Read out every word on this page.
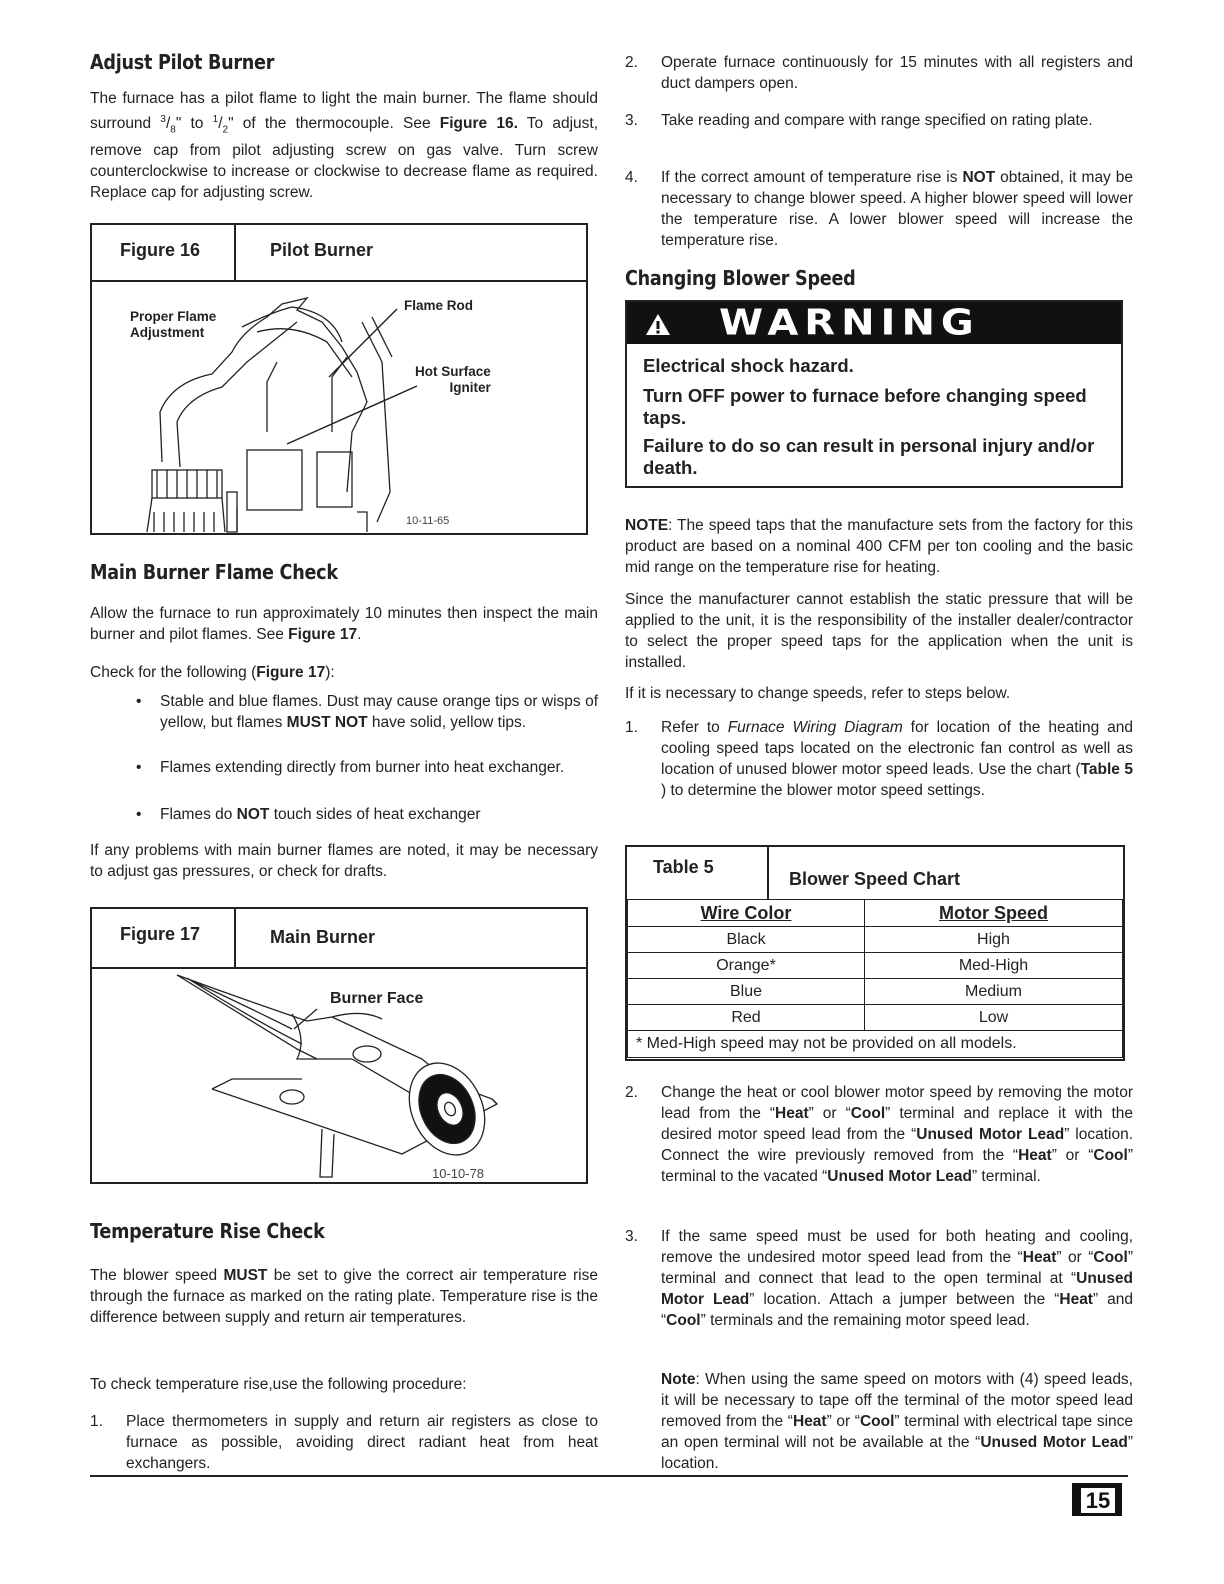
Adjust Pilot Burner

The furnace has a pilot flame to light the main burner. The flame should surround $^3/_8$" to $^1/_2$" of the thermocouple. See Figure 16. To adjust, remove cap from pilot adjusting screw on gas valve. Turn screw counterclockwise to increase or clockwise to decrease flame as required. Replace cap for adjusting screw.

Figure 16	Pilot Burner
Proper Flame
Adjustment
Flame Rod
Hot Surface
Igniter
10-11-65
Main Burner Flame Check

Allow the furnace to run approximately 10 minutes then inspect the main burner and pilot flames. See Figure 17.

Check for the following (Figure 17):

• Stable and blue flames. Dust may cause orange tips or wisps of yellow, but flames MUST NOT have solid, yellow tips.
• Flames extending directly from burner into heat exchanger.
• Flames do NOT touch sides of heat exchanger

If any problems with main burner flames are noted, it may be necessary to adjust gas pressures, or check for drafts.

Figure 17	Main Burner
Burner Face
10-10-78
Temperature Rise Check

The blower speed MUST be set to give the correct air temperature rise through the furnace as marked on the rating plate. Temperature rise is the difference between supply and return air temperatures.

To check temperature rise,use the following procedure:

1. Place thermometers in supply and return air registers as close to furnace as possible, avoiding direct radiant heat from heat exchangers.
15
2. Operate furnace continuously for 15 minutes with all registers and duct dampers open.
3. Take reading and compare with range specified on rating plate.
4. If the correct amount of temperature rise is NOT obtained, it may be necessary to change blower speed. A higher blower speed will lower the temperature rise. A lower blower speed will increase the temperature rise.
Changing Blower Speed
WARNING
Electrical shock hazard.
Turn OFF power to furnace before changing speed taps.
Failure to do so can result in personal injury and/or death.

NOTE: The speed taps that the manufacture sets from the factory for this product are based on a nominal 400 CFM per ton cooling and the basic mid range on the temperature rise for heating.

Since the manufacturer cannot establish the static pressure that will be applied to the unit, it is the responsibility of the installer dealer/contractor to select the proper speed taps for the application when the unit is installed.

If it is necessary to change speeds, refer to steps below.

1. Refer to Furnace Wiring Diagram for location of the heating and cooling speed taps located on the electronic fan control as well as location of unused blower motor speed leads. Use the chart (Table 5 ) to determine the blower motor speed settings.
Table 5
Blower Speed Chart
Wire Color	Motor Speed
Black	High
Orange*	Med-High
Blue	Medium
Red	Low
* Med-High speed may not be provided on all models.	
2. Change the heat or cool blower motor speed by removing the motor lead from the “Heat” or “Cool” terminal and replace it with the desired motor speed lead from the “Unused Motor Lead” location. Connect the wire previously removed from the “Heat” or “Cool” terminal to the vacated “Unused Motor Lead” terminal.
3. If the same speed must be used for both heating and cooling, remove the undesired motor speed lead from the “Heat” or “Cool” terminal and connect that lead to the open terminal at “Unused Motor Lead” location. Attach a jumper between the “Heat” and “Cool” terminals and the remaining motor speed lead.

Note: When using the same speed on motors with (4) speed leads, it will be necessary to tape off the terminal of the motor speed lead removed from the “Heat” or “Cool” terminal with electrical tape since an open terminal will not be available at the “Unused Motor Lead” location.
